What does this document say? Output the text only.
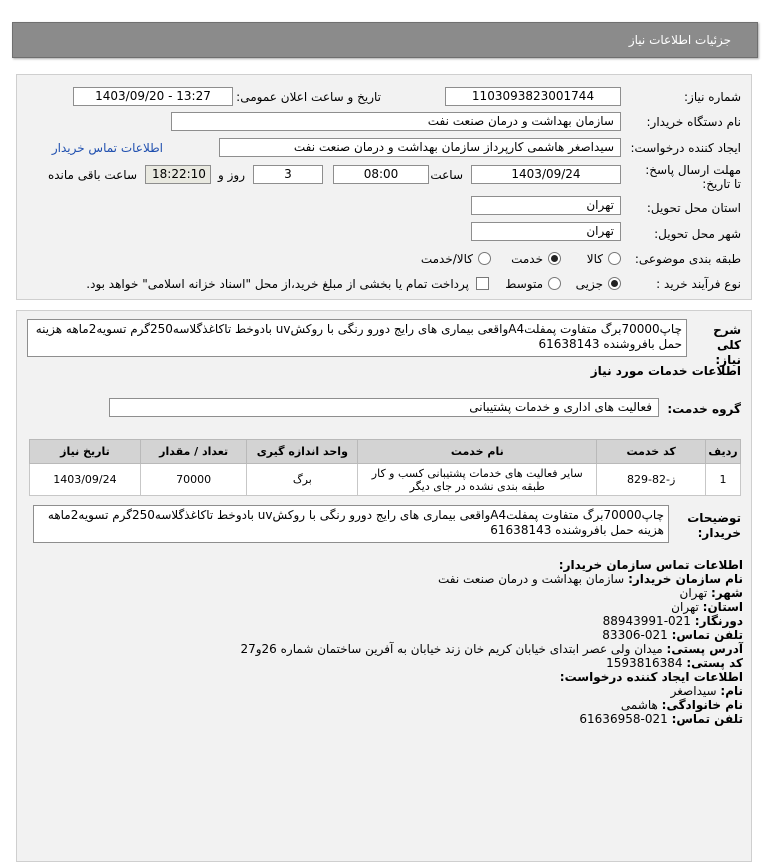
جزئیات اطلاعات نیاز
شماره نیاز:
1103093823001744
تاریخ و ساعت اعلان عمومی:
1403/09/20 - 13:27
نام دستگاه خریدار:
سازمان بهداشت و درمان صنعت نفت
ایجاد کننده درخواست:
سیداصغر هاشمی کارپرداز سازمان بهداشت و درمان صنعت نفت
اطلاعات تماس خریدار
مهلت ارسال پاسخ: تا تاریخ:
1403/09/24
ساعت
08:00
3
روز و
18:22:10
ساعت باقی مانده
استان محل تحویل:
تهران
شهر محل تحویل:
تهران
طبقه بندی موضوعی:
کالا
خدمت
کالا/خدمت
نوع فرآیند خرید :
جزیی
متوسط
پرداخت تمام یا بخشی از مبلغ خرید،از محل "اسناد خزانه اسلامی" خواهد بود.
شرح کلی نیاز:
چاپ70000برگ متفاوت پمفلتA4واقعی بیماری های رایج دورو رنگی با روکشuv بادوخط تاکاغذگلاسه250گرم تسویه2ماهه هزینه حمل بافروشنده 61638143
اطلاعات خدمات مورد نیاز
گروه خدمت:
فعالیت های اداری و خدمات پشتیبانی
ردیف	کد خدمت	نام خدمت	واحد اندازه گیری	تعداد / مقدار	تاریخ نیاز
1	ز-82-829	سایر فعالیت های خدمات پشتیبانی کسب و کار طبقه بندی نشده در جای دیگر	برگ	70000	1403/09/24
توضیحات خریدار:
چاپ70000برگ متفاوت پمفلتA4واقعی بیماری های رایج دورو رنگی با روکشuv بادوخط تاکاغذگلاسه250گرم تسویه2ماهه هزینه حمل بافروشنده 61638143
اطلاعات تماس سازمان خریدار:
نام سازمان خریدار: سازمان بهداشت و درمان صنعت نفت
شهر: تهران
استان: تهران
دورنگار: 021-88943991
تلفن تماس: 021-83306
آدرس پستی: میدان ولی عصر ابتدای خیابان کریم خان زند خیابان به آفرین ساختمان شماره 26و27
کد پستی: 1593816384
اطلاعات ایجاد کننده درخواست:
نام: سیداصغر
نام خانوادگی: هاشمی
تلفن تماس: 021-61636958
